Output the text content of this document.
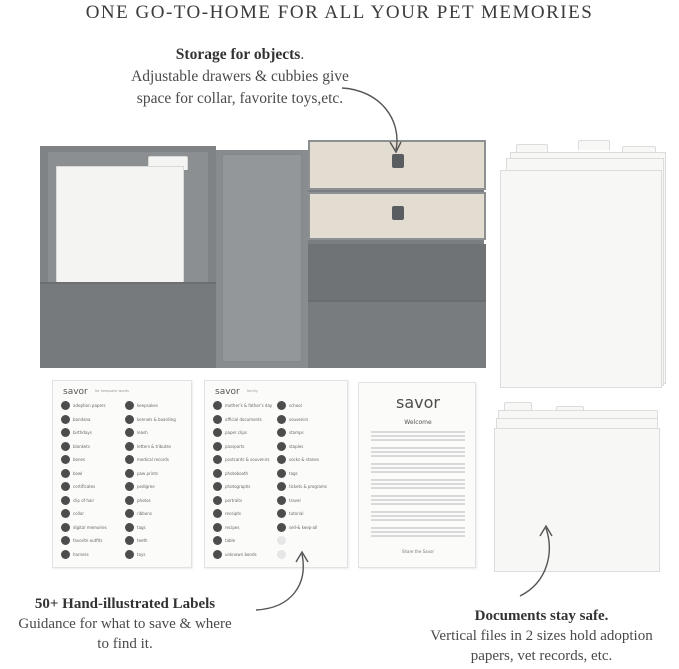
ONE GO-TO-HOME FOR ALL YOUR PET MEMORIES
Storage for objects.
Adjustable drawers & cubbies give
space for collar, favorite toys,etc.
savor for keepsake words
adoption papers
bandana
birthdays
blankets
bones
bowl
certificates
clip of hair
collar
digital memories
favorite outfits
harness
keepsakes
kennels & boarding
leash
letters & tributes
medical records
paw prints
pedigree
photos
ribbons
tags
teeth
toys
savor family
mother's & father's day
official documents
paper clips
passports
postcards & souvenirs
photobooth
photographs
portraits
receipts
recipes
table
unknown bonds
school
souvenirs
stamps
staples
socks & stones
tags
tickets & programs
travel
tutorial
sell-& keep-all
savor
Welcome
Share the Savor
50+ Hand-illustrated Labels
Guidance for what to save & where
to find it.
Documents stay safe.
Vertical files in 2 sizes hold adoption
papers, vet records, etc.
